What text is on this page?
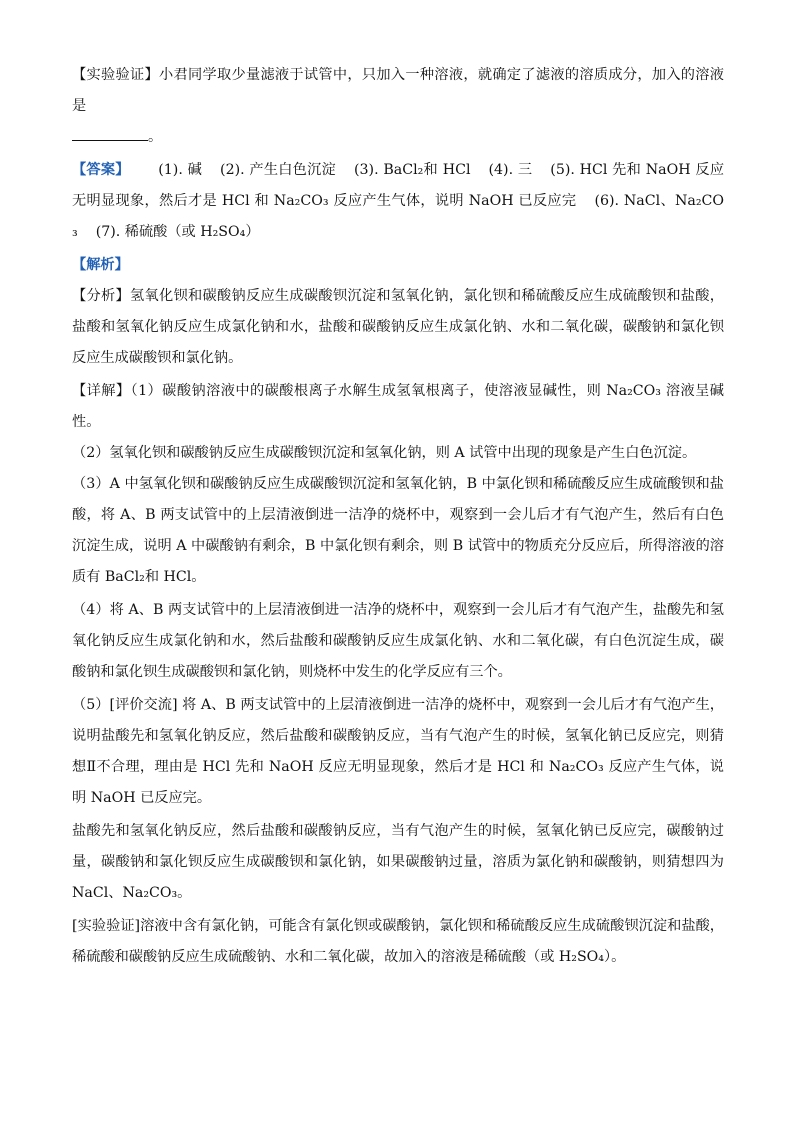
【实验验证】小君同学取少量滤液于试管中，只加入一种溶液，就确定了滤液的溶质成分，加入的溶液是
。

【答案】 (1). 碱 (2). 产生白色沉淀 (3). BaCl₂和 HCl (4). 三 (5). HCl 先和 NaOH 反应无明显现象，然后才是 HCl 和 Na₂CO₃ 反应产生气体，说明 NaOH 已反应完 (6). NaCl、Na₂CO₃ (7). 稀硫酸（或 H₂SO₄）

【解析】

【分析】氢氧化钡和碳酸钠反应生成碳酸钡沉淀和氢氧化钠，氯化钡和稀硫酸反应生成硫酸钡和盐酸，盐酸和氢氧化钠反应生成氯化钠和水，盐酸和碳酸钠反应生成氯化钠、水和二氧化碳，碳酸钠和氯化钡反应生成碳酸钡和氯化钠。

【详解】（1）碳酸钠溶液中的碳酸根离子水解生成氢氧根离子，使溶液显碱性，则 Na₂CO₃ 溶液呈碱性。

（2）氢氧化钡和碳酸钠反应生成碳酸钡沉淀和氢氧化钠，则 A 试管中出现的现象是产生白色沉淀。

（3）A 中氢氧化钡和碳酸钠反应生成碳酸钡沉淀和氢氧化钠，B 中氯化钡和稀硫酸反应生成硫酸钡和盐酸，将 A、B 两支试管中的上层清液倒进一洁净的烧杯中，观察到一会儿后才有气泡产生，然后有白色沉淀生成，说明 A 中碳酸钠有剩余，B 中氯化钡有剩余，则 B 试管中的物质充分反应后，所得溶液的溶质有 BaCl₂和 HCl。

（4）将 A、B 两支试管中的上层清液倒进一洁净的烧杯中，观察到一会儿后才有气泡产生，盐酸先和氢氧化钠反应生成氯化钠和水，然后盐酸和碳酸钠反应生成氯化钠、水和二氧化碳，有白色沉淀生成，碳酸钠和氯化钡生成碳酸钡和氯化钠，则烧杯中发生的化学反应有三个。

（5）[评价交流] 将 A、B 两支试管中的上层清液倒进一洁净的烧杯中，观察到一会儿后才有气泡产生，说明盐酸先和氢氧化钠反应，然后盐酸和碳酸钠反应，当有气泡产生的时候，氢氧化钠已反应完，则猜想Ⅱ不合理，理由是 HCl 先和 NaOH 反应无明显现象，然后才是 HCl 和 Na₂CO₃ 反应产生气体，说明 NaOH 已反应完。

盐酸先和氢氧化钠反应，然后盐酸和碳酸钠反应，当有气泡产生的时候，氢氧化钠已反应完，碳酸钠过量，碳酸钠和氯化钡反应生成碳酸钡和氯化钠，如果碳酸钠过量，溶质为氯化钠和碳酸钠，则猜想四为 NaCl、Na₂CO₃。

[实验验证]溶液中含有氯化钠，可能含有氯化钡或碳酸钠，氯化钡和稀硫酸反应生成硫酸钡沉淀和盐酸，稀硫酸和碳酸钠反应生成硫酸钠、水和二氧化碳，故加入的溶液是稀硫酸（或 H₂SO₄）。
